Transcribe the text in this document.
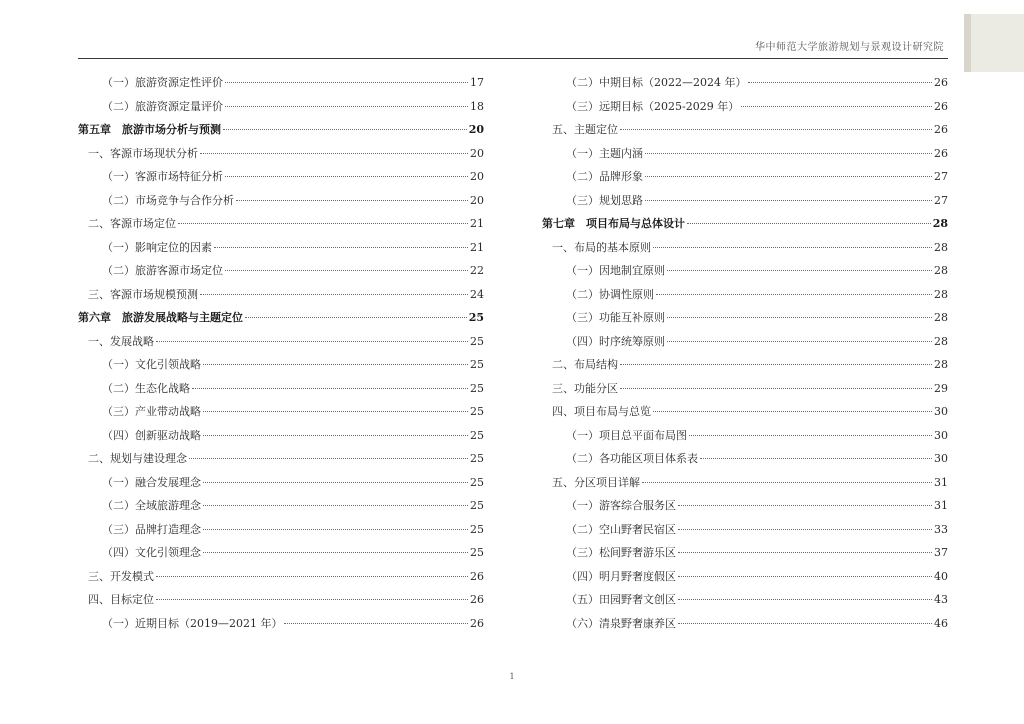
华中师范大学旅游规划与景观设计研究院
（一）旅游资源定性评价	17
（二）旅游资源定量评价	18
第五章　旅游市场分析与预测	20
一、客源市场现状分析	20
（一）客源市场特征分析	20
（二）市场竞争与合作分析	20
二、客源市场定位	21
（一）影响定位的因素	21
（二）旅游客源市场定位	22
三、客源市场规模预测	24
第六章　旅游发展战略与主题定位	25
一、发展战略	25
（一）文化引领战略	25
（二）生态化战略	25
（三）产业带动战略	25
（四）创新驱动战略	25
二、规划与建设理念	25
（一）融合发展理念	25
（二）全域旅游理念	25
（三）品牌打造理念	25
（四）文化引领理念	25
三、开发模式	26
四、目标定位	26
（一）近期目标（2019—2021 年）	26
（二）中期目标（2022—2024 年）	26
（三）远期目标（2025-2029 年）	26
五、主题定位	26
（一）主题内涵	26
（二）品牌形象	27
（三）规划思路	27
第七章　项目布局与总体设计	28
一、布局的基本原则	28
（一）因地制宜原则	28
（二）协调性原则	28
（三）功能互补原则	28
（四）时序统筹原则	28
二、布局结构	28
三、功能分区	29
四、项目布局与总览	30
（一）项目总平面布局图	30
（二）各功能区项目体系表	30
五、分区项目详解	31
（一）游客综合服务区	31
（二）空山野奢民宿区	33
（三）松间野奢游乐区	37
（四）明月野奢度假区	40
（五）田园野奢文创区	43
（六）清泉野奢康养区	46
1
